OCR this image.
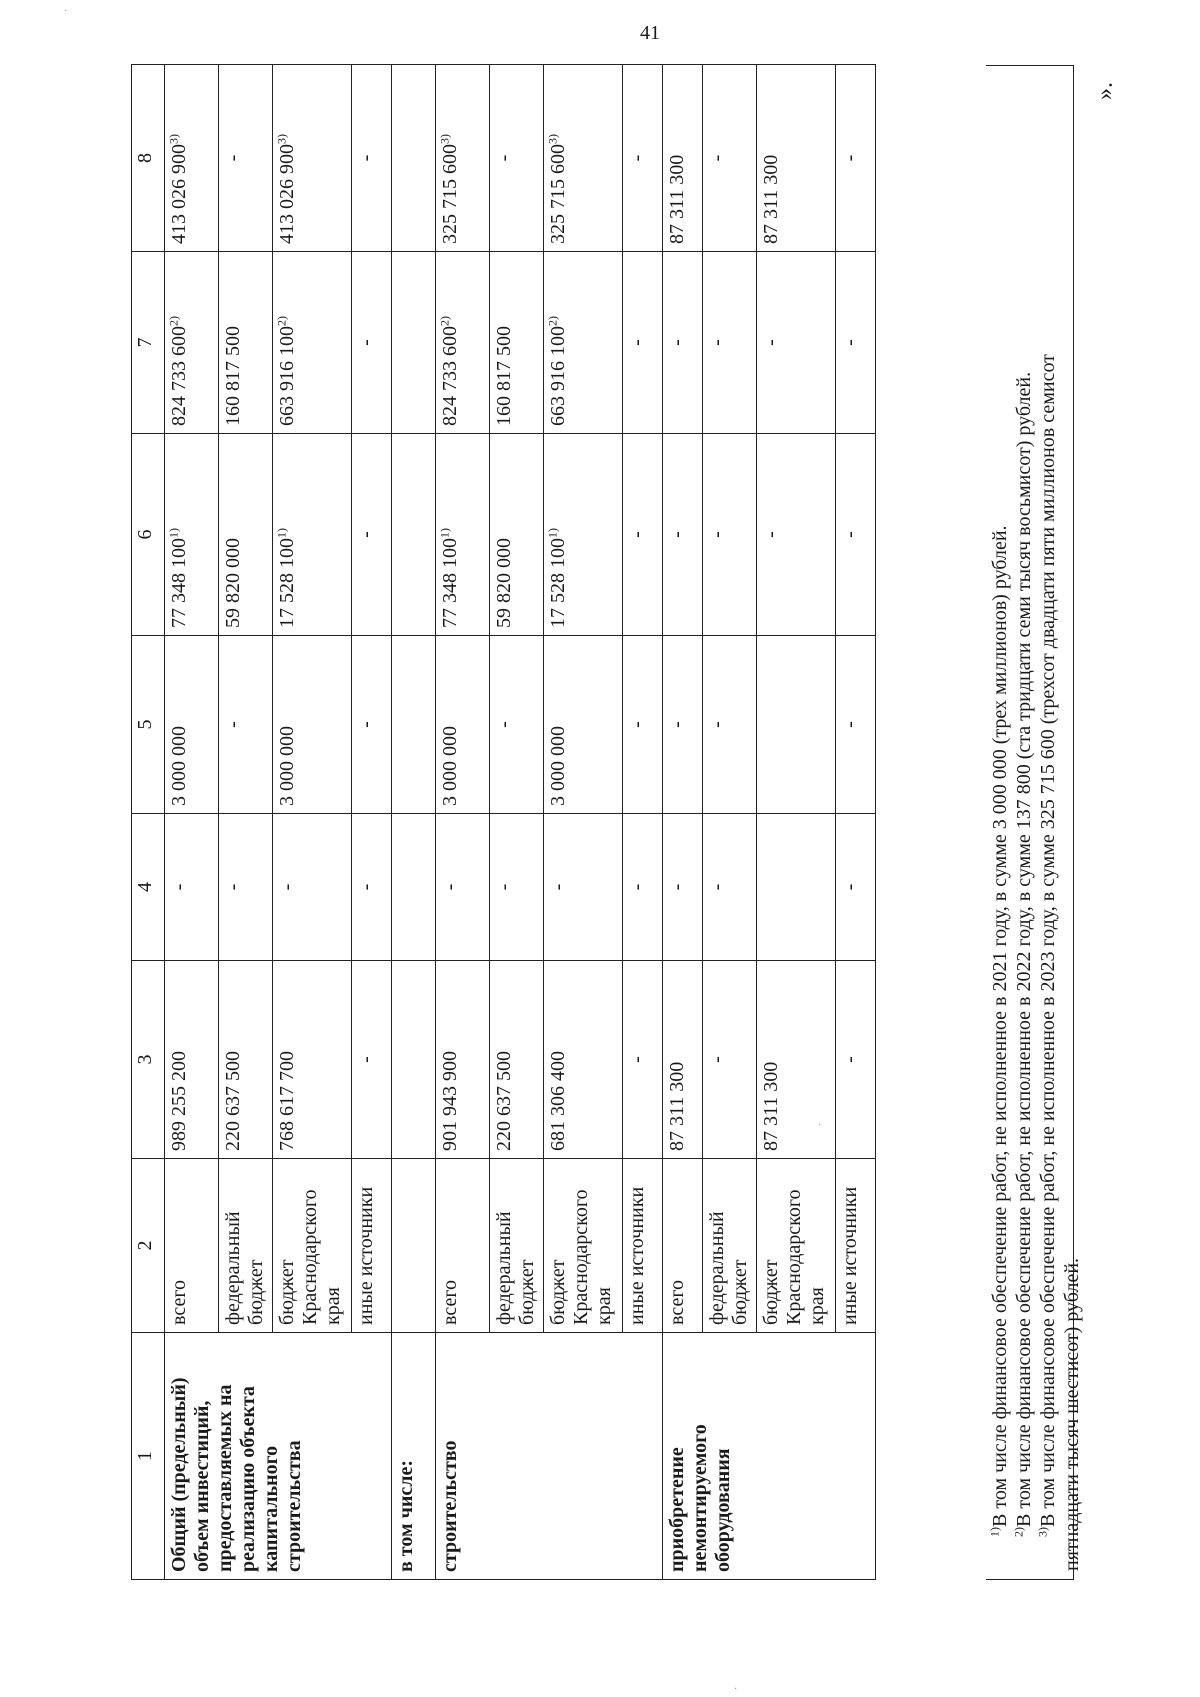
41
».
·
·
·
1	2	3	4	5	6	7	8
Общий (предельный) объем инвестиций, предоставляемых на реализацию объекта капитального строительства	всего	989 255 200	-	3 000 000	77 348 100$^{1)}$	824 733 600$^{2)}$	413 026 900$^{3)}$
	федеральный бюджет	220 637 500	-	-	59 820 000	160 817 500	-
	бюджет Краснодарского края	768 617 700	-	3 000 000	17 528 100$^{1)}$	663 916 100$^{2)}$	413 026 900$^{3)}$
	иные источники	-	-	-	-	-	-
в том числе:							
строительство	всего	901 943 900	-	3 000 000	77 348 100$^{1)}$	824 733 600$^{2)}$	325 715 600$^{3)}$
	федеральный бюджет	220 637 500	-	-	59 820 000	160 817 500	-
	бюджет Краснодарского края	681 306 400	-	3 000 000	17 528 100$^{1)}$	663 916 100$^{2)}$	325 715 600$^{3)}$
	иные источники	-	-	-	-	-	-
приобретение немонтируемого оборудования	всего	87 311 300	-	-	-	-	87 311 300
	федеральный бюджет	-	-	-	-	-	-
	бюджет Краснодарского края	87 311 300			-	-	87 311 300
	иные источники	-	-	-	-	-	-
$^{1)}$В том числе финансовое обеспечение работ, не исполненное в 2021 году, в сумме 3 000 000 (трех миллионов) рублей.
$^{2)}$В том числе финансовое обеспечение работ, не исполненное в 2022 году, в сумме 137 800 (ста тридцати семи тысяч восьмисот) рублей.
$^{3)}$В том числе финансовое обеспечение работ, не исполненное в 2023 году, в сумме 325 715 600 (трехсот двадцати пяти миллионов семисот пятнадцати тысяч шестисот) рублей.
